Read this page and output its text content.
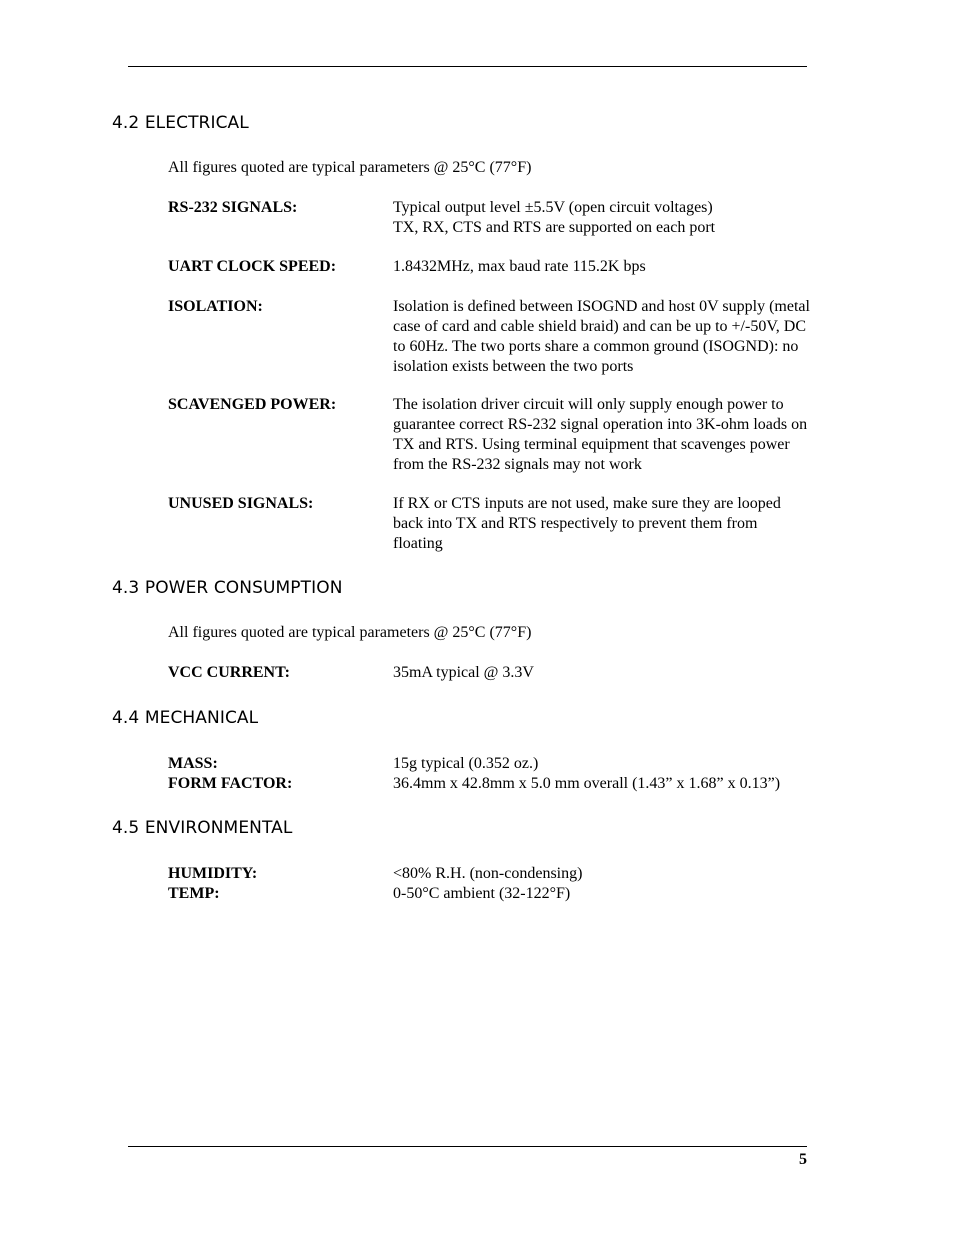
4.2 ELECTRICAL
All figures quoted are typical parameters @ 25°C (77°F)
RS-232 SIGNALS:	Typical output level ±5.5V (open circuit voltages)
TX, RX, CTS and RTS are supported on each port
UART CLOCK SPEED:	1.8432MHz, max baud rate 115.2K bps
ISOLATION:	Isolation is defined between ISOGND and host 0V supply (metal
case of card and cable shield braid) and can be up to +/-50V, DC
to 60Hz. The two ports share a common ground (ISOGND): no
isolation exists between the two ports
SCAVENGED POWER:	The isolation driver circuit will only supply enough power to
guarantee correct RS-232 signal operation into 3K-ohm loads on
TX and RTS. Using terminal equipment that scavenges power
from the RS-232 signals may not work
UNUSED SIGNALS:	If RX or CTS inputs are not used, make sure they are looped
back into TX and RTS respectively to prevent them from
floating
4.3 POWER CONSUMPTION
All figures quoted are typical parameters @ 25°C (77°F)
VCC CURRENT:	35mA typical @ 3.3V
4.4 MECHANICAL
MASS:	15g typical (0.352 oz.)
FORM FACTOR:	36.4mm x 42.8mm x 5.0 mm overall (1.43” x 1.68” x 0.13”)
4.5 ENVIRONMENTAL
HUMIDITY:	<80% R.H. (non-condensing)
TEMP:	0-50°C ambient (32-122°F)
5
